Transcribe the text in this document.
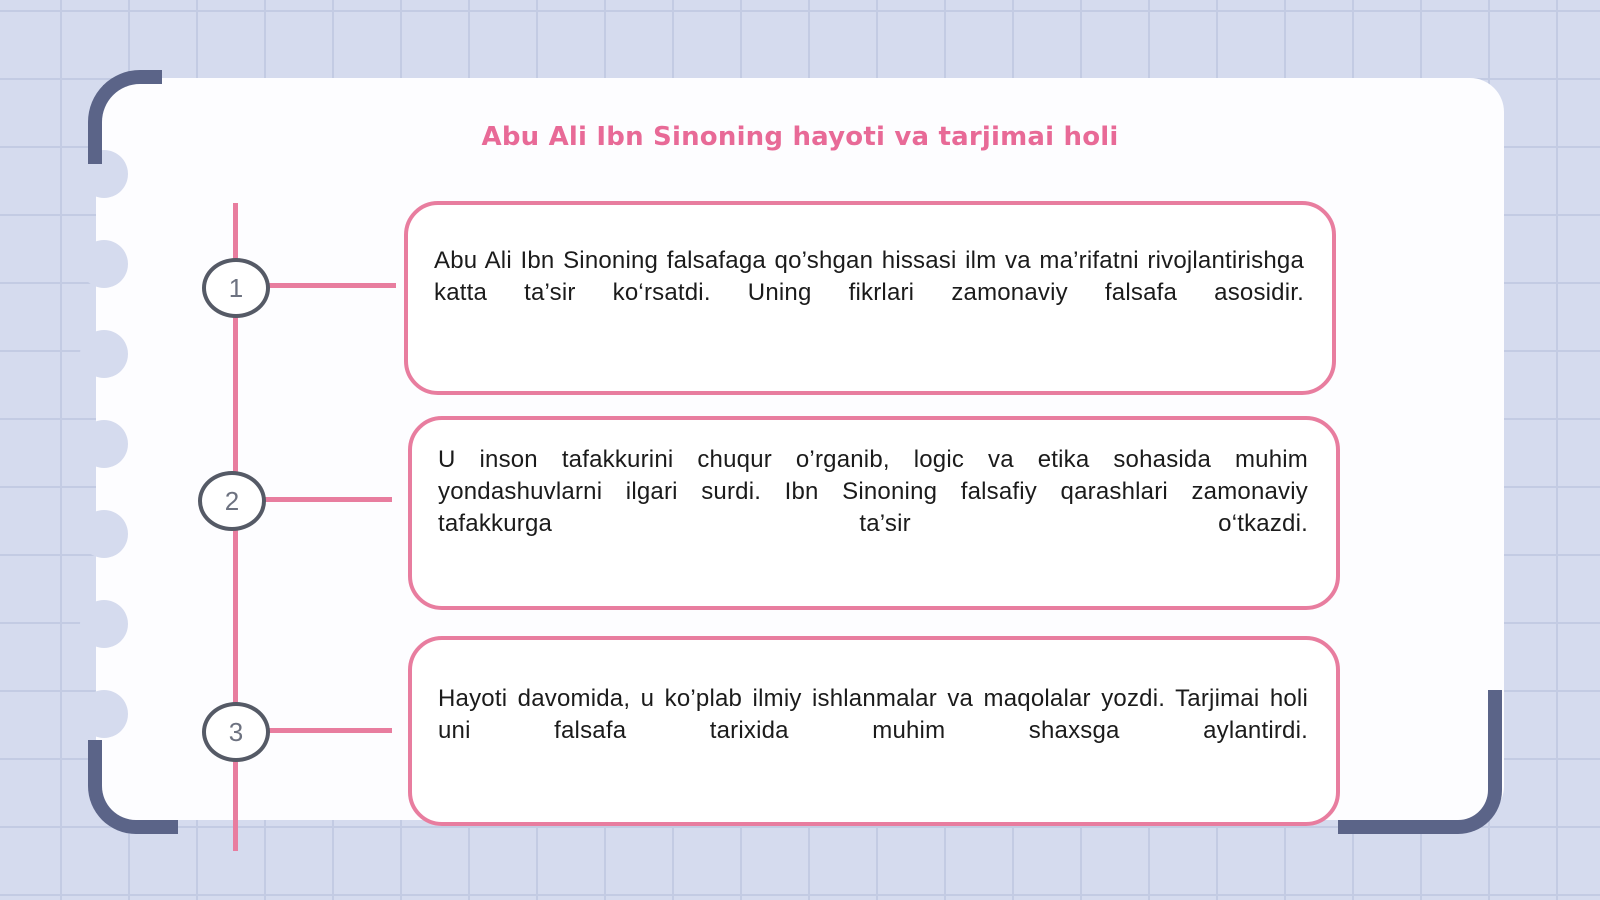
Abu Ali Ibn Sinoning hayoti va tarjimai holi
1
2
3

Abu Ali Ibn Sinoning falsafaga qo’shgan hissasi ilm va ma’rifatni rivojlantirishga katta ta’sir ko‘rsatdi. Uning fikrlari zamonaviy falsafa asosidir.

U inson tafakkurini chuqur o’rganib, logic va etika sohasida muhim yondashuvlarni ilgari surdi. Ibn Sinoning falsafiy qarashlari zamonaviy tafakkurga ta’sir o‘tkazdi.

Hayoti davomida, u ko’plab ilmiy ishlanmalar va maqolalar yozdi. Tarjimai holi uni falsafa tarixida muhim shaxsga aylantirdi.
